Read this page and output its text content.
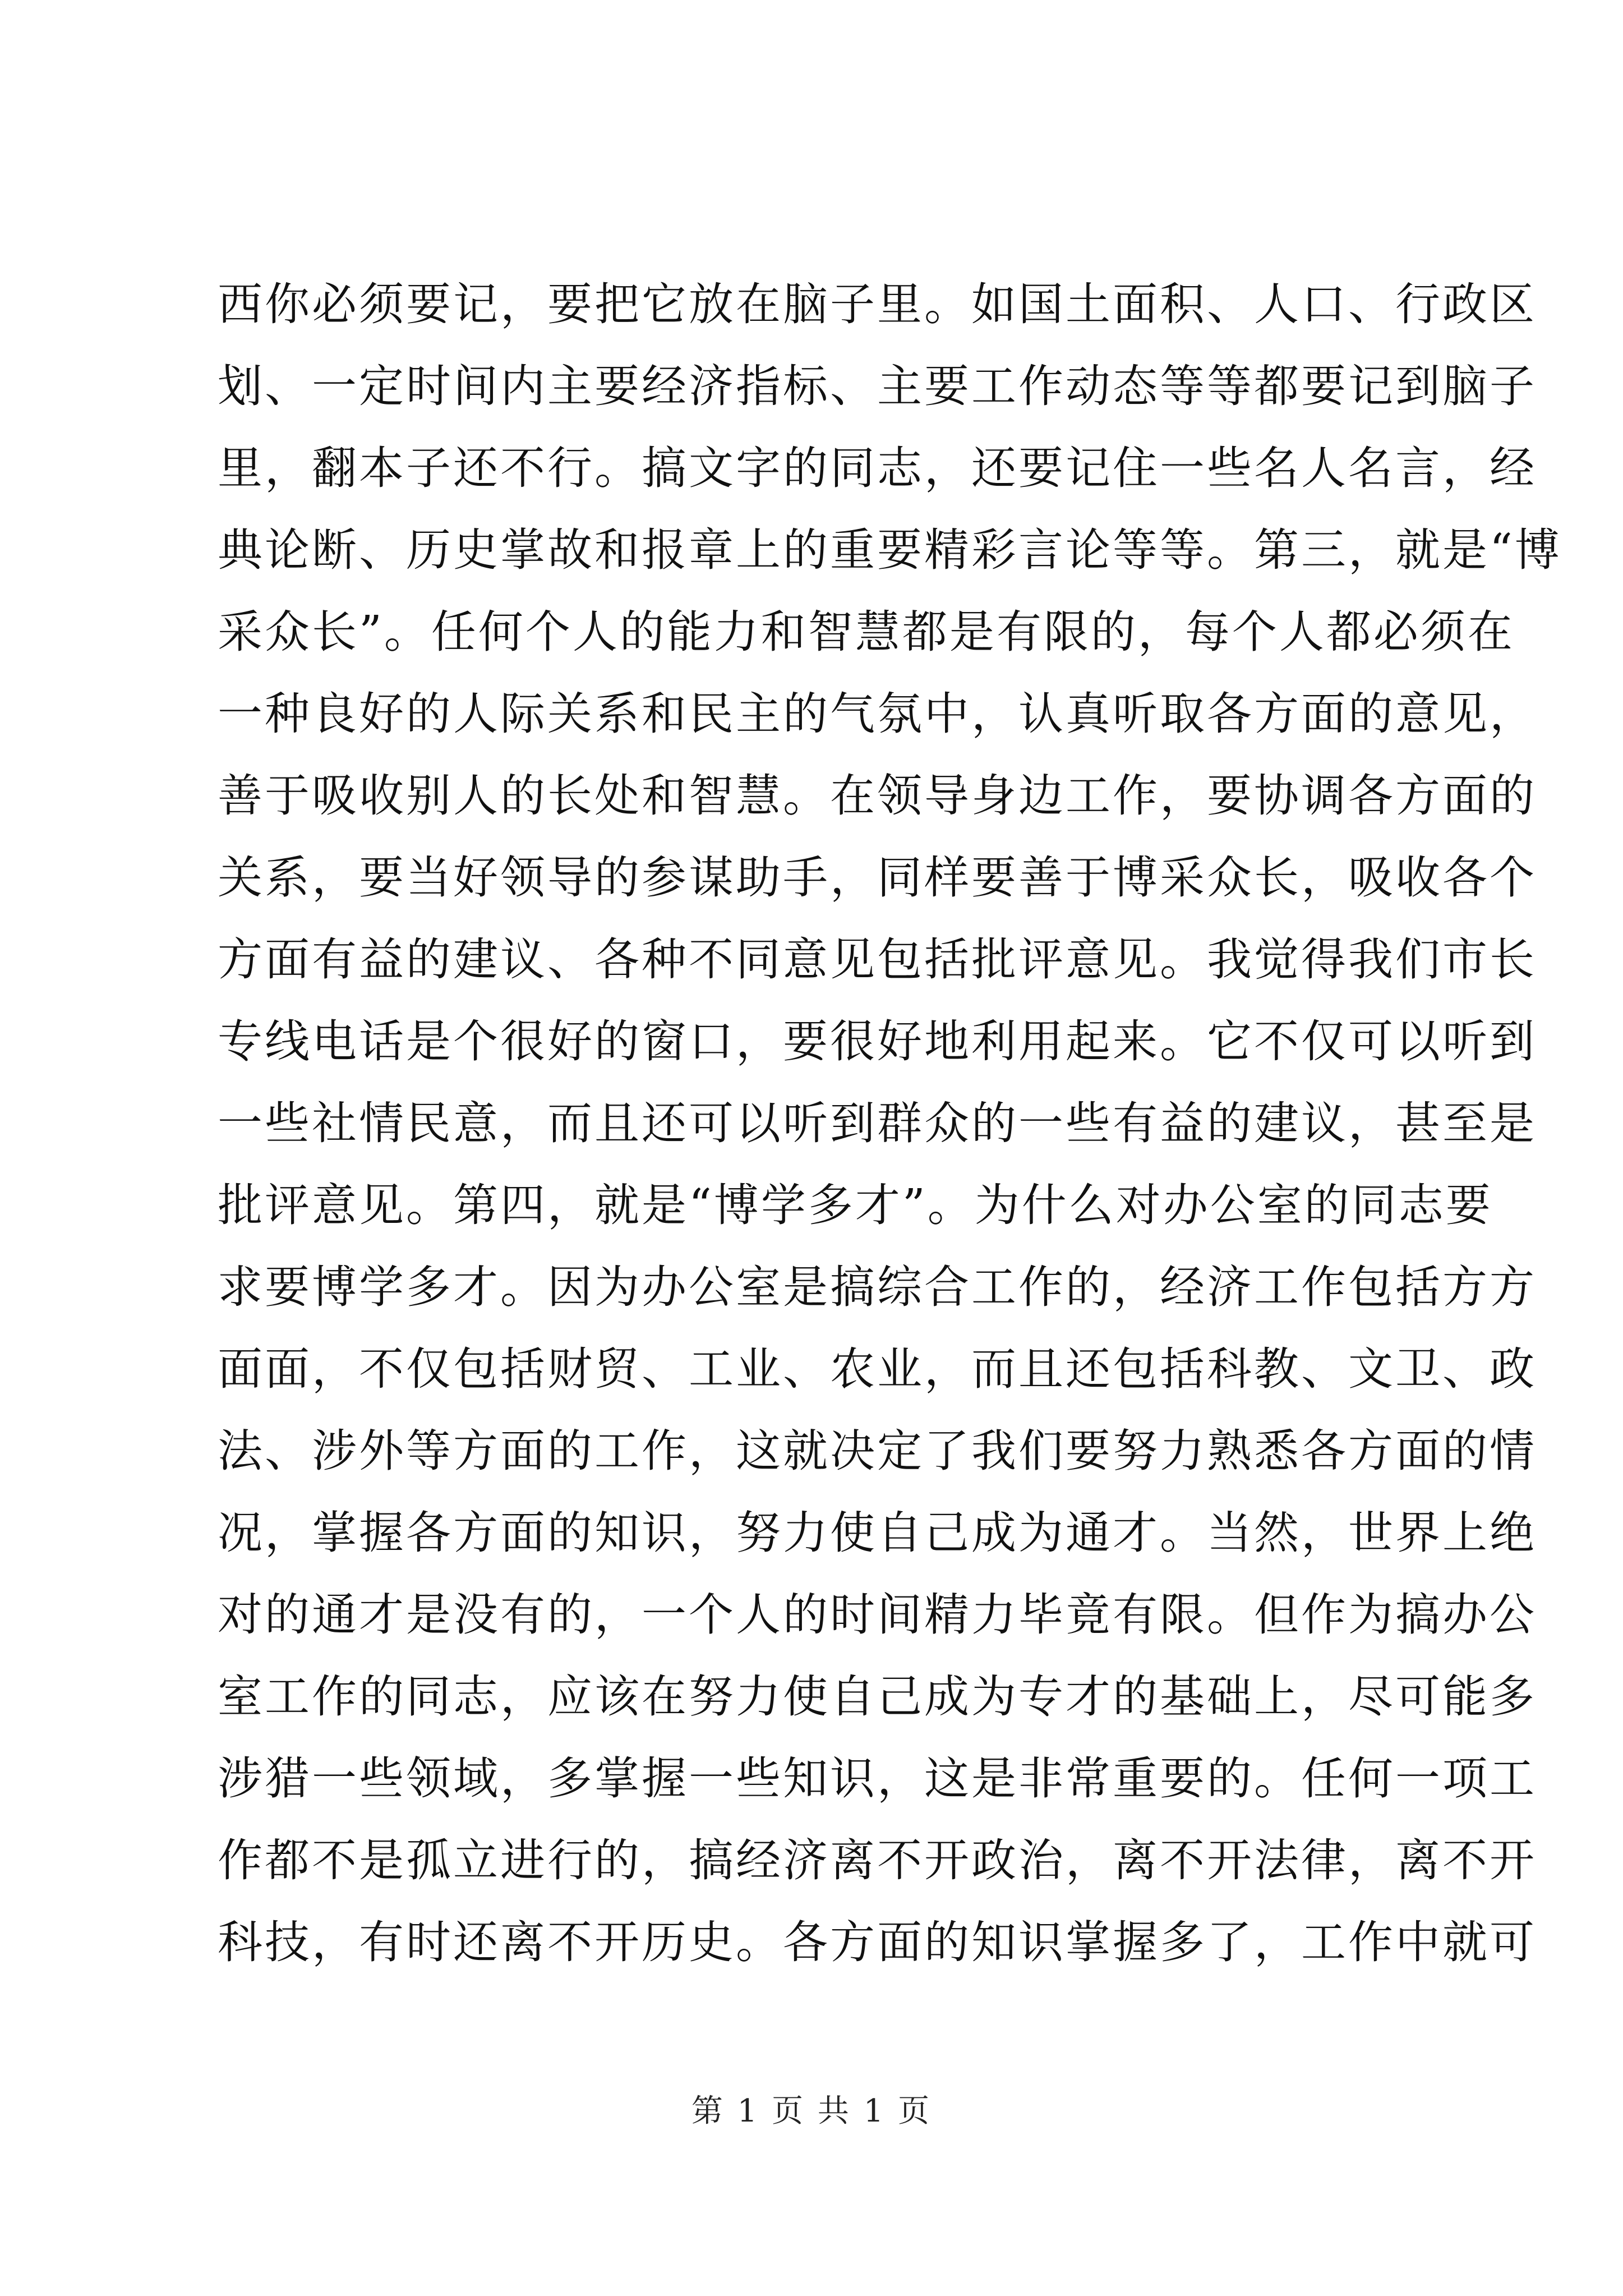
西你必须要记，要把它放在脑子里。如国土面积、人口、行政区
划、一定时间内主要经济指标、主要工作动态等等都要记到脑子
里，翻本子还不行。搞文字的同志，还要记住一些名人名言，经
典论断、历史掌故和报章上的重要精彩言论等等。第三，就是“博
采众长”。任何个人的能力和智慧都是有限的，每个人都必须在
一种良好的人际关系和民主的气氛中，认真听取各方面的意见，
善于吸收别人的长处和智慧。在领导身边工作，要协调各方面的
关系，要当好领导的参谋助手，同样要善于博采众长，吸收各个
方面有益的建议、各种不同意见包括批评意见。我觉得我们市长
专线电话是个很好的窗口，要很好地利用起来。它不仅可以听到
一些社情民意，而且还可以听到群众的一些有益的建议，甚至是
批评意见。第四，就是“博学多才”。为什么对办公室的同志要
求要博学多才。因为办公室是搞综合工作的，经济工作包括方方
面面，不仅包括财贸、工业、农业，而且还包括科教、文卫、政
法、涉外等方面的工作，这就决定了我们要努力熟悉各方面的情
况，掌握各方面的知识，努力使自己成为通才。当然，世界上绝
对的通才是没有的，一个人的时间精力毕竟有限。但作为搞办公
室工作的同志，应该在努力使自己成为专才的基础上，尽可能多
涉猎一些领域，多掌握一些知识，这是非常重要的。任何一项工
作都不是孤立进行的，搞经济离不开政治，离不开法律，离不开
科技，有时还离不开历史。各方面的知识掌握多了，工作中就可
第 1 页 共 1 页
